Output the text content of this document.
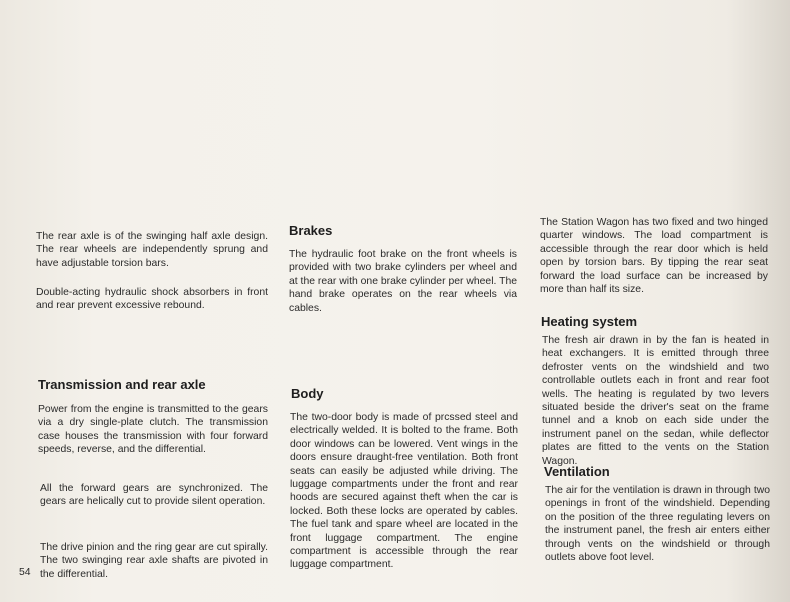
The rear axle is of the swinging half axle design. The rear wheels are independently sprung and have adjustable torsion bars.

Double-acting hydraulic shock absorbers in front and rear prevent excessive rebound.

Transmission and rear axle

Power from the engine is transmitted to the gears via a dry single-plate clutch. The transmission case houses the transmission with four forward speeds, reverse, and the differential.

All the forward gears are synchronized. The gears are helically cut to provide silent operation.

The drive pinion and the ring gear are cut spirally. The two swinging rear axle shafts are pivoted in the differential.

Brakes

The hydraulic foot brake on the front wheels is provided with two brake cylinders per wheel and at the rear with one brake cylinder per wheel. The hand brake operates on the rear wheels via cables.

Body

The two-door body is made of prcssed steel and electrically welded. It is bolted to the frame. Both door windows can be lowered. Vent wings in the doors ensure draught-free ventilation. Both front seats can easily be adjusted while driving. The luggage compartments under the front and rear hoods are secured against theft when the car is locked. Both these locks are operated by cables. The fuel tank and spare wheel are located in the front luggage compartment. The engine compartment is accessible through the rear luggage compartment.

The Station Wagon has two fixed and two hinged quarter windows. The load compartment is accessible through the rear door which is held open by torsion bars. By tipping the rear seat forward the load surface can be increased by more than half its size.

Heating system

The fresh air drawn in by the fan is heated in heat exchangers. It is emitted through three defroster vents on the windshield and two controllable outlets each in front and rear foot wells. The heating is regulated by two levers situated beside the driver's seat on the frame tunnel and a knob on each side under the instrument panel on the sedan, while deflector plates are fitted to the vents on the Station Wagon.

Ventilation

The air for the ventilation is drawn in through two openings in front of the windshield. Depending on the position of the three regulating levers on the instrument panel, the fresh air enters either through vents on the windshield or through outlets above foot level.

54
